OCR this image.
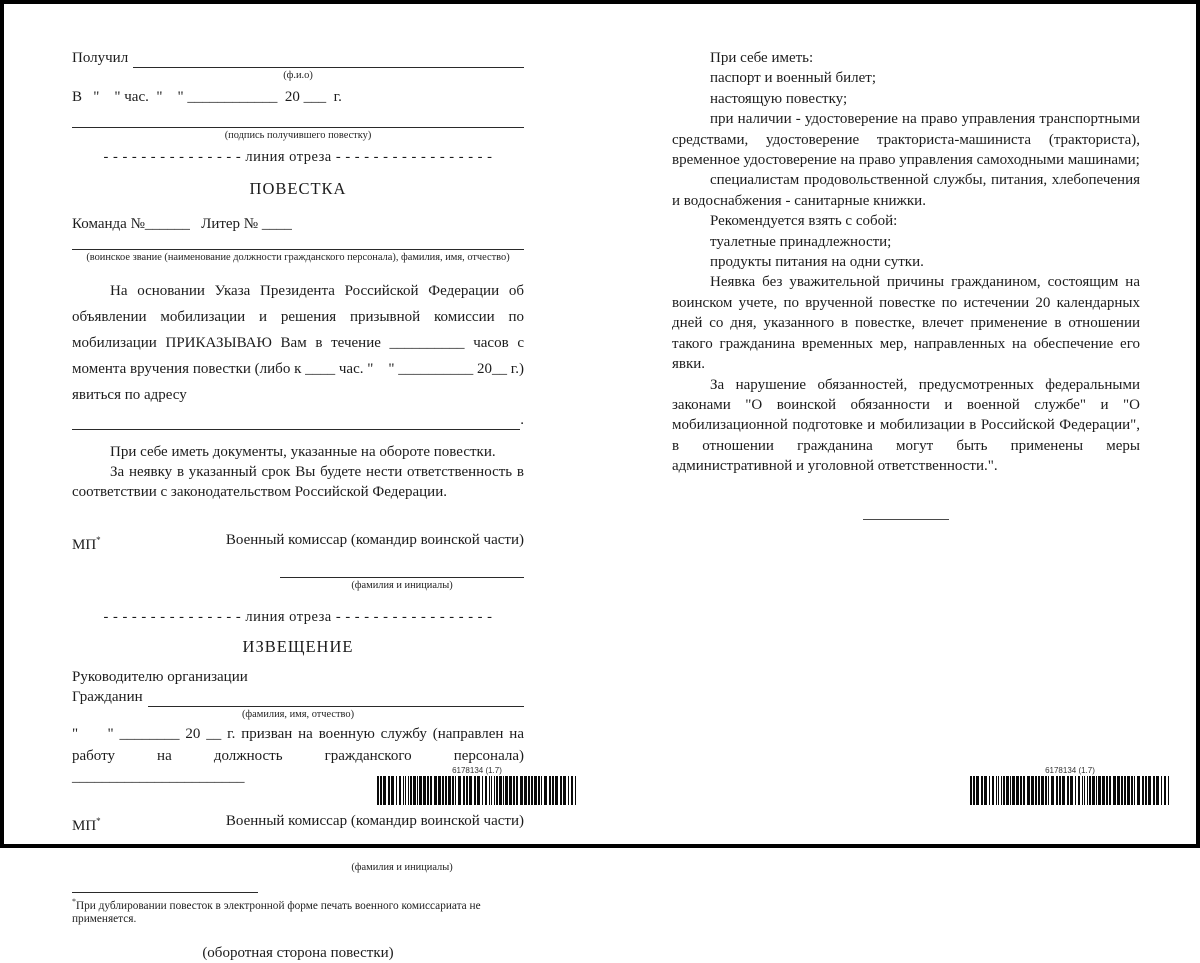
Получил
(ф.и.о)
В   "    " час.  "    " ____________  20 ___  г.
(подпись получившего повестку)
- - - - - - - - - - - - - - - линия отреза - - - - - - - - - - - - - - - - -
ПОВЕСТКА
Команда №______   Литер № ____
(воинское звание (наименование должности гражданского персонала), фамилия, имя, отчество)
На основании Указа Президента Российской Федерации об объявлении мобилизации и решения призывной комиссии по мобилизации ПРИКАЗЫВАЮ Вам в течение __________ часов с момента вручения повестки (либо к ____ час. "    " __________ 20__ г.) явиться по адресу
.
При себе иметь документы, указанные на обороте повестки.
За неявку в указанный срок Вы будете нести ответственность в соответствии с законодательством Российской Федерации.
МП*	Военный комиссар (командир воинской части)
(фамилия и инициалы)
- - - - - - - - - - - - - - - линия отреза - - - - - - - - - - - - - - - - -
ИЗВЕЩЕНИЕ
Руководителю организации
Гражданин
(фамилия, имя, отчество)
"     " ________ 20 __ г. призван на военную службу (направлен на работу на должность гражданского персонала) _______________________
МП*	Военный комиссар (командир воинской части)
(фамилия и инициалы)
*При дублировании повесток в электронной форме печать военного комиссариата не применяется.
(оборотная сторона повестки)

При себе иметь:

паспорт и военный билет;

настоящую повестку;

при наличии - удостоверение на право управления транспортными средствами, удостоверение тракториста-машиниста (тракториста), временное удостоверение на право управления самоходными машинами;

специалистам продовольственной службы, питания, хлебопечения и водоснабжения - санитарные книжки.

Рекомендуется взять с собой:

туалетные принадлежности;

продукты питания на одни сутки.

Неявка без уважительной причины гражданином, состоящим на воинском учете, по врученной повестке по истечении 20 календарных дней со дня, указанного в повестке, влечет применение в отношении такого гражданина временных мер, направленных на обеспечение его явки.

За нарушение обязанностей, предусмотренных федеральными законами "О воинской обязанности и военной службе" и "О мобилизационной подготовке и мобилизации в Российской Федерации", в отношении гражданина могут быть применены меры административной и уголовной ответственности.".

6178134 (1.7)	6178134 (1.7)
